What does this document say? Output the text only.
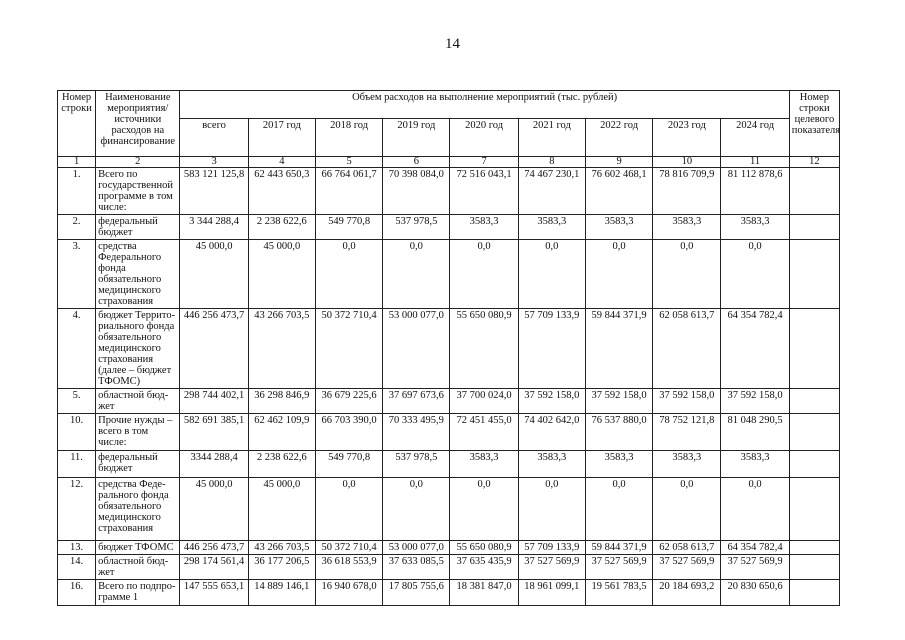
14
Номер строки	Наименование мероприятия/ источники расходов на финансирование	Объем расходов на выполнение мероприятий (тыс. рублей)									Номер строки целевого показателя
		всего	2017 год	2018 год	2019 год	2020 год	2021 год	2022 год	2023 год	2024 год	
1	2	3	4	5	6	7	8	9	10	11	12
1.	Всего по государственной программе в том числе:	583 121 125,8	62 443 650,3	66 764 061,7	70 398 084,0	72 516 043,1	74 467 230,1	76 602 468,1	78 816 709,9	81 112 878,6	
2.	федеральный бюджет	3 344 288,4	2 238 622,6	549 770,8	537 978,5	3583,3	3583,3	3583,3	3583,3	3583,3	
3.	средства Федерального фонда обязательного медицинского страхования	45 000,0	45 000,0	0,0	0,0	0,0	0,0	0,0	0,0	0,0	
4.	бюджет Террито-риального фонда обязательного медицинского страхования (далее – бюджет ТФОМС)	446 256 473,7	43 266 703,5	50 372 710,4	53 000 077,0	55 650 080,9	57 709 133,9	59 844 371,9	62 058 613,7	64 354 782,4	
5.	областной бюд-жет	298 744 402,1	36 298 846,9	36 679 225,6	37 697 673,6	37 700 024,0	37 592 158,0	37 592 158,0	37 592 158,0	37 592 158,0	
10.	Прочие нужды – всего в том числе:	582 691 385,1	62 462 109,9	66 703 390,0	70 333 495,9	72 451 455,0	74 402 642,0	76 537 880,0	78 752 121,8	81 048 290,5	
11.	федеральный бюджет	3344 288,4	2 238 622,6	549 770,8	537 978,5	3583,3	3583,3	3583,3	3583,3	3583,3	
12.	средства Феде-рального фонда обязательного медицинского страхования	45 000,0	45 000,0	0,0	0,0	0,0	0,0	0,0	0,0	0,0	
13.	бюджет ТФОМС	446 256 473,7	43 266 703,5	50 372 710,4	53 000 077,0	55 650 080,9	57 709 133,9	59 844 371,9	62 058 613,7	64 354 782,4	
14.	областной бюд-жет	298 174 561,4	36 177 206,5	36 618 553,9	37 633 085,5	37 635 435,9	37 527 569,9	37 527 569,9	37 527 569,9	37 527 569,9	
16.	Всего по подпро-грамме 1	147 555 653,1	14 889 146,1	16 940 678,0	17 805 755,6	18 381 847,0	18 961 099,1	19 561 783,5	20 184 693,2	20 830 650,6	
